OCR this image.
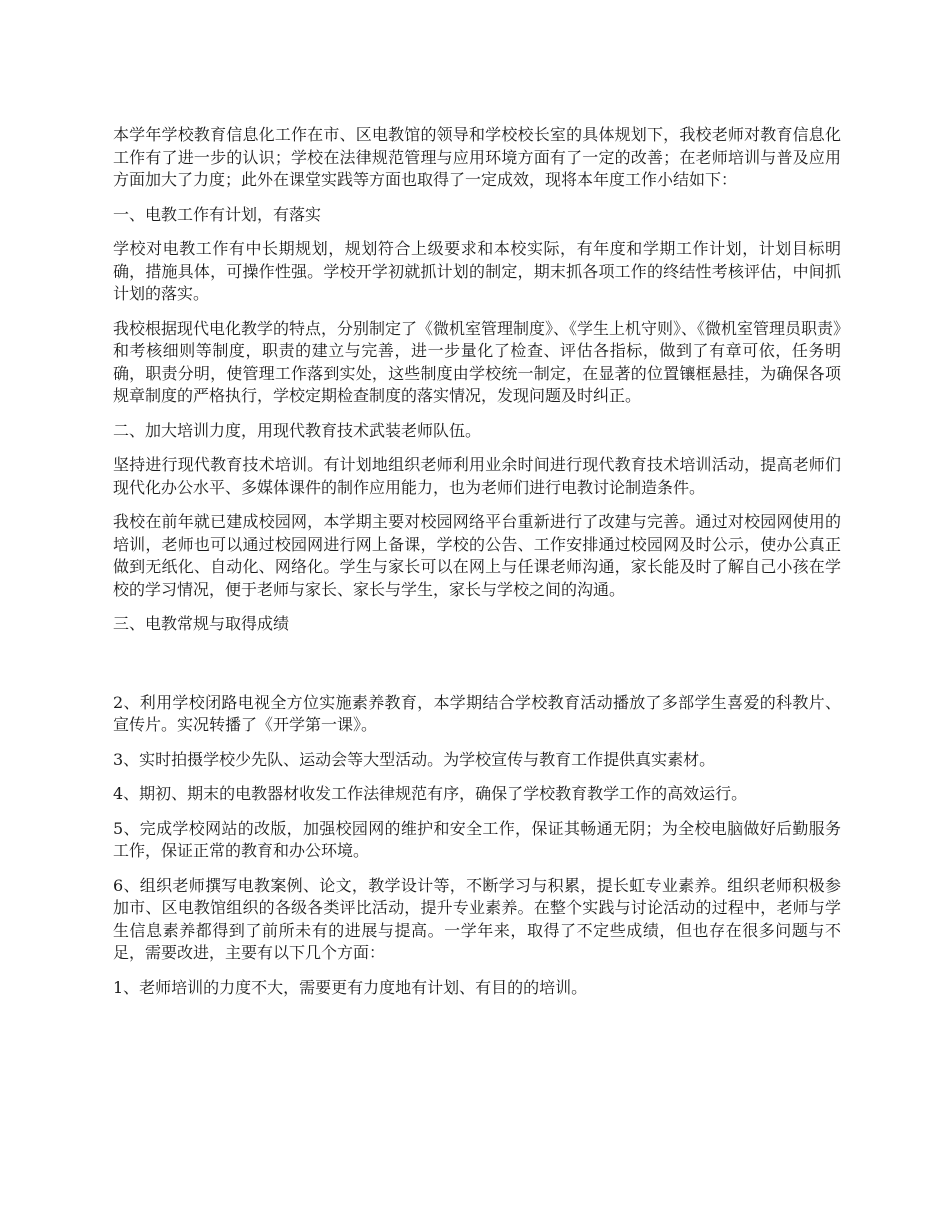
本学年学校教育信息化工作在市、区电教馆的领导和学校校长室的具体规划下，我校老师对教育信息化工作有了进一步的认识；学校在法律规范管理与应用环境方面有了一定的改善；在老师培训与普及应用方面加大了力度；此外在课堂实践等方面也取得了一定成效，现将本年度工作小结如下：

一、电教工作有计划，有落实

学校对电教工作有中长期规划，规划符合上级要求和本校实际，有年度和学期工作计划，计划目标明确，措施具体，可操作性强。学校开学初就抓计划的制定，期末抓各项工作的终结性考核评估，中间抓计划的落实。

我校根据现代电化教学的特点，分别制定了《微机室管理制度》、《学生上机守则》、《微机室管理员职责》和考核细则等制度，职责的建立与完善，进一步量化了检查、评估各指标，做到了有章可依，任务明确，职责分明，使管理工作落到实处，这些制度由学校统一制定，在显著的位置镶框悬挂，为确保各项规章制度的严格执行，学校定期检查制度的落实情况，发现问题及时纠正。

二、加大培训力度，用现代教育技术武装老师队伍。

坚持进行现代教育技术培训。有计划地组织老师利用业余时间进行现代教育技术培训活动，提高老师们现代化办公水平、多媒体课件的制作应用能力，也为老师们进行电教讨论制造条件。

我校在前年就已建成校园网，本学期主要对校园网络平台重新进行了改建与完善。通过对校园网使用的培训，老师也可以通过校园网进行网上备课，学校的公告、工作安排通过校园网及时公示，使办公真正做到无纸化、自动化、网络化。学生与家长可以在网上与任课老师沟通，家长能及时了解自己小孩在学校的学习情况，便于老师与家长、家长与学生，家长与学校之间的沟通。

三、电教常规与取得成绩

2、利用学校闭路电视全方位实施素养教育，本学期结合学校教育活动播放了多部学生喜爱的科教片、宣传片。实况转播了《开学第一课》。

3、实时拍摄学校少先队、运动会等大型活动。为学校宣传与教育工作提供真实素材。

4、期初、期末的电教器材收发工作法律规范有序，确保了学校教育教学工作的高效运行。

5、完成学校网站的改版，加强校园网的维护和安全工作，保证其畅通无阴；为全校电脑做好后勤服务工作，保证正常的教育和办公环境。

6、组织老师撰写电教案例、论文，教学设计等，不断学习与积累，提长虹专业素养。组织老师积极参加市、区电教馆组织的各级各类评比活动，提升专业素养。在整个实践与讨论活动的过程中，老师与学生信息素养都得到了前所未有的进展与提高。一学年来，取得了不定些成绩，但也存在很多问题与不足，需要改进，主要有以下几个方面：

1、老师培训的力度不大，需要更有力度地有计划、有目的的培训。
